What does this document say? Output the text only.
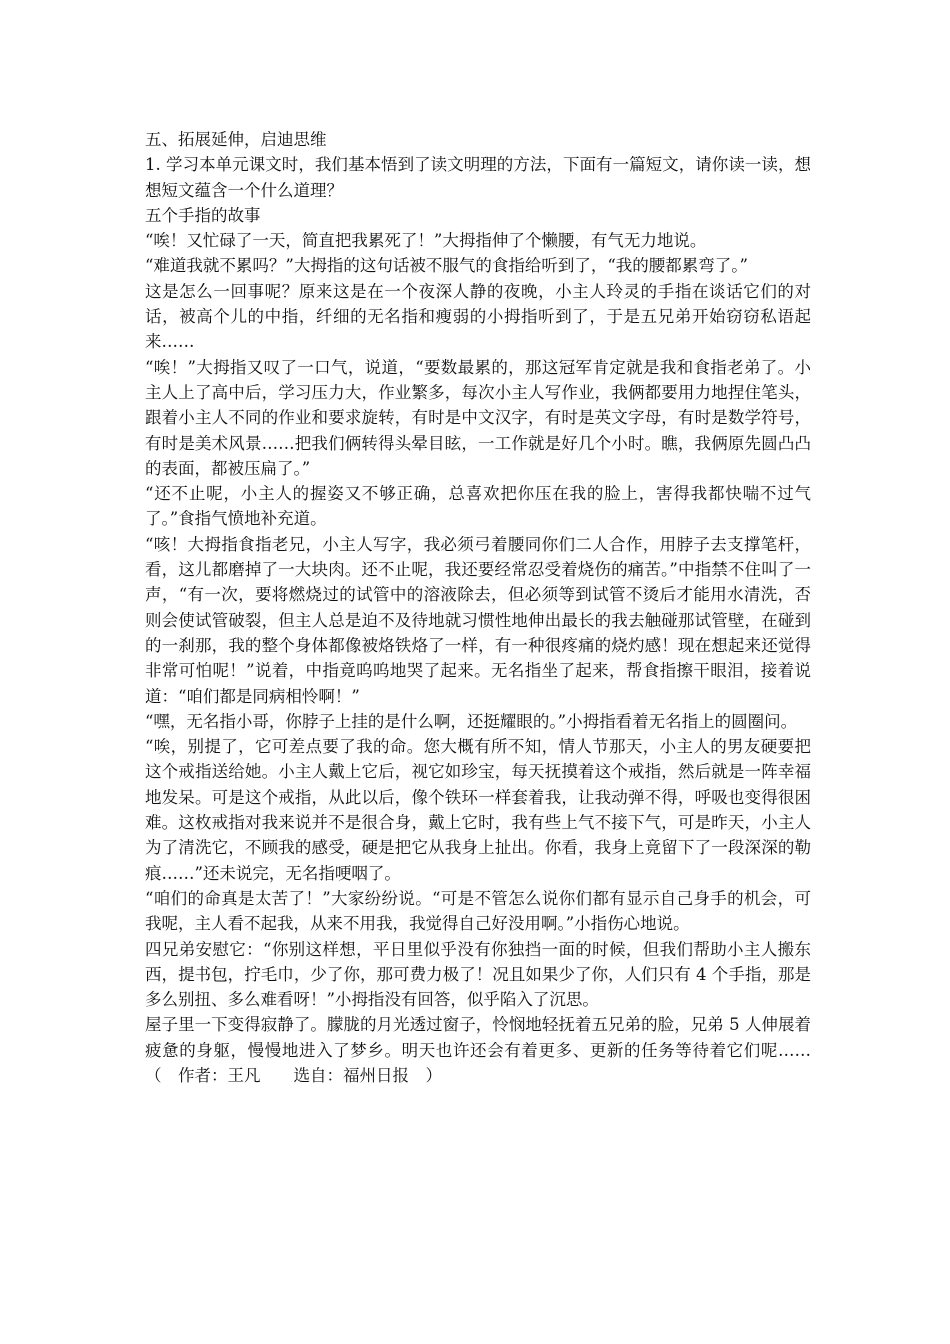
五、拓展延伸，启迪思维

1. 学习本单元课文时，我们基本悟到了读文明理的方法，下面有一篇短文，请你读一读，想想短文蕴含一个什么道理？

五个手指的故事

“唉！又忙碌了一天，简直把我累死了！”大拇指伸了个懒腰，有气无力地说。

“难道我就不累吗？”大拇指的这句话被不服气的食指给听到了，“我的腰都累弯了。”

这是怎么一回事呢？原来这是在一个夜深人静的夜晚，小主人玲灵的手指在谈话它们的对话，被高个儿的中指，纤细的无名指和瘦弱的小拇指听到了，于是五兄弟开始窃窃私语起来……

“唉！”大拇指又叹了一口气，说道，“要数最累的，那这冠军肯定就是我和食指老弟了。小主人上了高中后，学习压力大，作业繁多，每次小主人写作业，我俩都要用力地捏住笔头，跟着小主人不同的作业和要求旋转，有时是中文汉字，有时是英文字母，有时是数学符号，有时是美术风景……把我们俩转得头晕目眩，一工作就是好几个小时。瞧，我俩原先圆凸凸的表面，都被压扁了。”

“还不止呢，小主人的握姿又不够正确，总喜欢把你压在我的脸上，害得我都快喘不过气了。”食指气愤地补充道。

“咳！大拇指食指老兄，小主人写字，我必须弓着腰同你们二人合作，用脖子去支撑笔杆，看，这儿都磨掉了一大块肉。还不止呢，我还要经常忍受着烧伤的痛苦。”中指禁不住叫了一声，“有一次，要将燃烧过的试管中的溶液除去，但必须等到试管不烫后才能用水清洗，否则会使试管破裂，但主人总是迫不及待地就习惯性地伸出最长的我去触碰那试管壁，在碰到的一刹那，我的整个身体都像被烙铁烙了一样，有一种很疼痛的烧灼感！现在想起来还觉得非常可怕呢！”说着，中指竟呜呜地哭了起来。无名指坐了起来，帮食指擦干眼泪，接着说道：“咱们都是同病相怜啊！”

“嘿，无名指小哥，你脖子上挂的是什么啊，还挺耀眼的。”小拇指看着无名指上的圆圈问。

“唉，别提了，它可差点要了我的命。您大概有所不知，情人节那天，小主人的男友硬要把这个戒指送给她。小主人戴上它后，视它如珍宝，每天抚摸着这个戒指，然后就是一阵幸福地发呆。可是这个戒指，从此以后，像个铁环一样套着我，让我动弹不得，呼吸也变得很困难。这枚戒指对我来说并不是很合身，戴上它时，我有些上气不接下气，可是昨天，小主人为了清洗它，不顾我的感受，硬是把它从我身上扯出。你看，我身上竟留下了一段深深的勒痕……”还未说完，无名指哽咽了。

“咱们的命真是太苦了！”大家纷纷说。“可是不管怎么说你们都有显示自己身手的机会，可我呢，主人看不起我，从来不用我，我觉得自己好没用啊。”小指伤心地说。

四兄弟安慰它：“你别这样想，平日里似乎没有你独挡一面的时候，但我们帮助小主人搬东西，提书包，拧毛巾，少了你，那可费力极了！况且如果少了你，人们只有 4 个手指，那是多么别扭、多么难看呀！”小拇指没有回答，似乎陷入了沉思。

屋子里一下变得寂静了。朦胧的月光透过窗子，怜悯地轻抚着五兄弟的脸，兄弟 5 人伸展着疲惫的身躯，慢慢地进入了梦乡。明天也许还会有着更多、更新的任务等待着它们呢……　（　作者：王凡　　选自：福州日报　）
